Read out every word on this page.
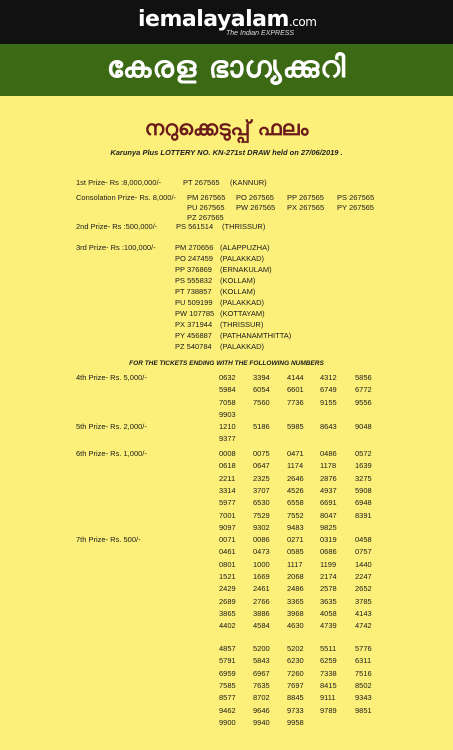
iemalayalam.com
The Indian EXPRESS
കേരള ഭാഗ്യക്കുറി
നറുക്കെടുപ്പ് ഫലം
Karunya Plus LOTTERY NO. KN-271st DRAW held on 27/06/2019 .
1st Prize- Rs :8,000,000/-	PT 267565 (KANNUR)
Consolation Prize- Rs. 8,000/- PM 267565 PO 267565 PP 267565 PS 267565
PU 267565 PW 267565 PX 267565 PY 267565
PZ 267565
2nd Prize- Rs :500,000/- PS 561514 (THRISSUR)
3rd Prize- Rs :100,000/-	PM 270656 (ALAPPUZHA)
PO 247459 (PALAKKAD)
PP 376869 (ERNAKULAM)
PS 555832 (KOLLAM)
PT 738857 (KOLLAM)
PU 509199 (PALAKKAD)
PW 107785 (KOTTAYAM)
PX 371944 (THRISSUR)
PY 456887 (PATHANAMTHITTA)
PZ 540784 (PALAKKAD)
FOR THE TICKETS ENDING WITH THE FOLLOWING NUMBERS
4th Prize- Rs. 5,000/-	0632 3394 4144 4312 5856
5984 6054 6601 6749 6772
7058 7560 7736 9155 9556
9903
5th Prize- Rs. 2,000/-	1210 5186 5985 8643 9048
9377
6th Prize- Rs. 1,000/-	0008 0075 0471 0486 0572
0618 0647 1174 1178	1639
2211 2325 2646 2876 3275
3314 3707 4526 4937 5908
5977 6530 6558 6691 6948
7001 7529 7552 8047 8391
9097 9302 9483 9825
7th Prize- Rs. 500/-	0071 0086 0271 0319 0458
0461 0473 0585 0686 0757
0801 1000 1117 1199	1440
1521 1669 2068 2174 2247
2429 2461 2486 2578 2652
2689 2766 3365 3635 3785
3865 3886 3968 4058 4143
4402 4584 4630 4739 4742
4857 5200 5202 5511	5776
5791 5843 6230 6259 6311
6959 6967 7260 7338 7516
7585 7635 7697 8415 8502
8577 8702 8845 9111	9343
9462 9646 9733 9789 9851
9900 9940 9958
